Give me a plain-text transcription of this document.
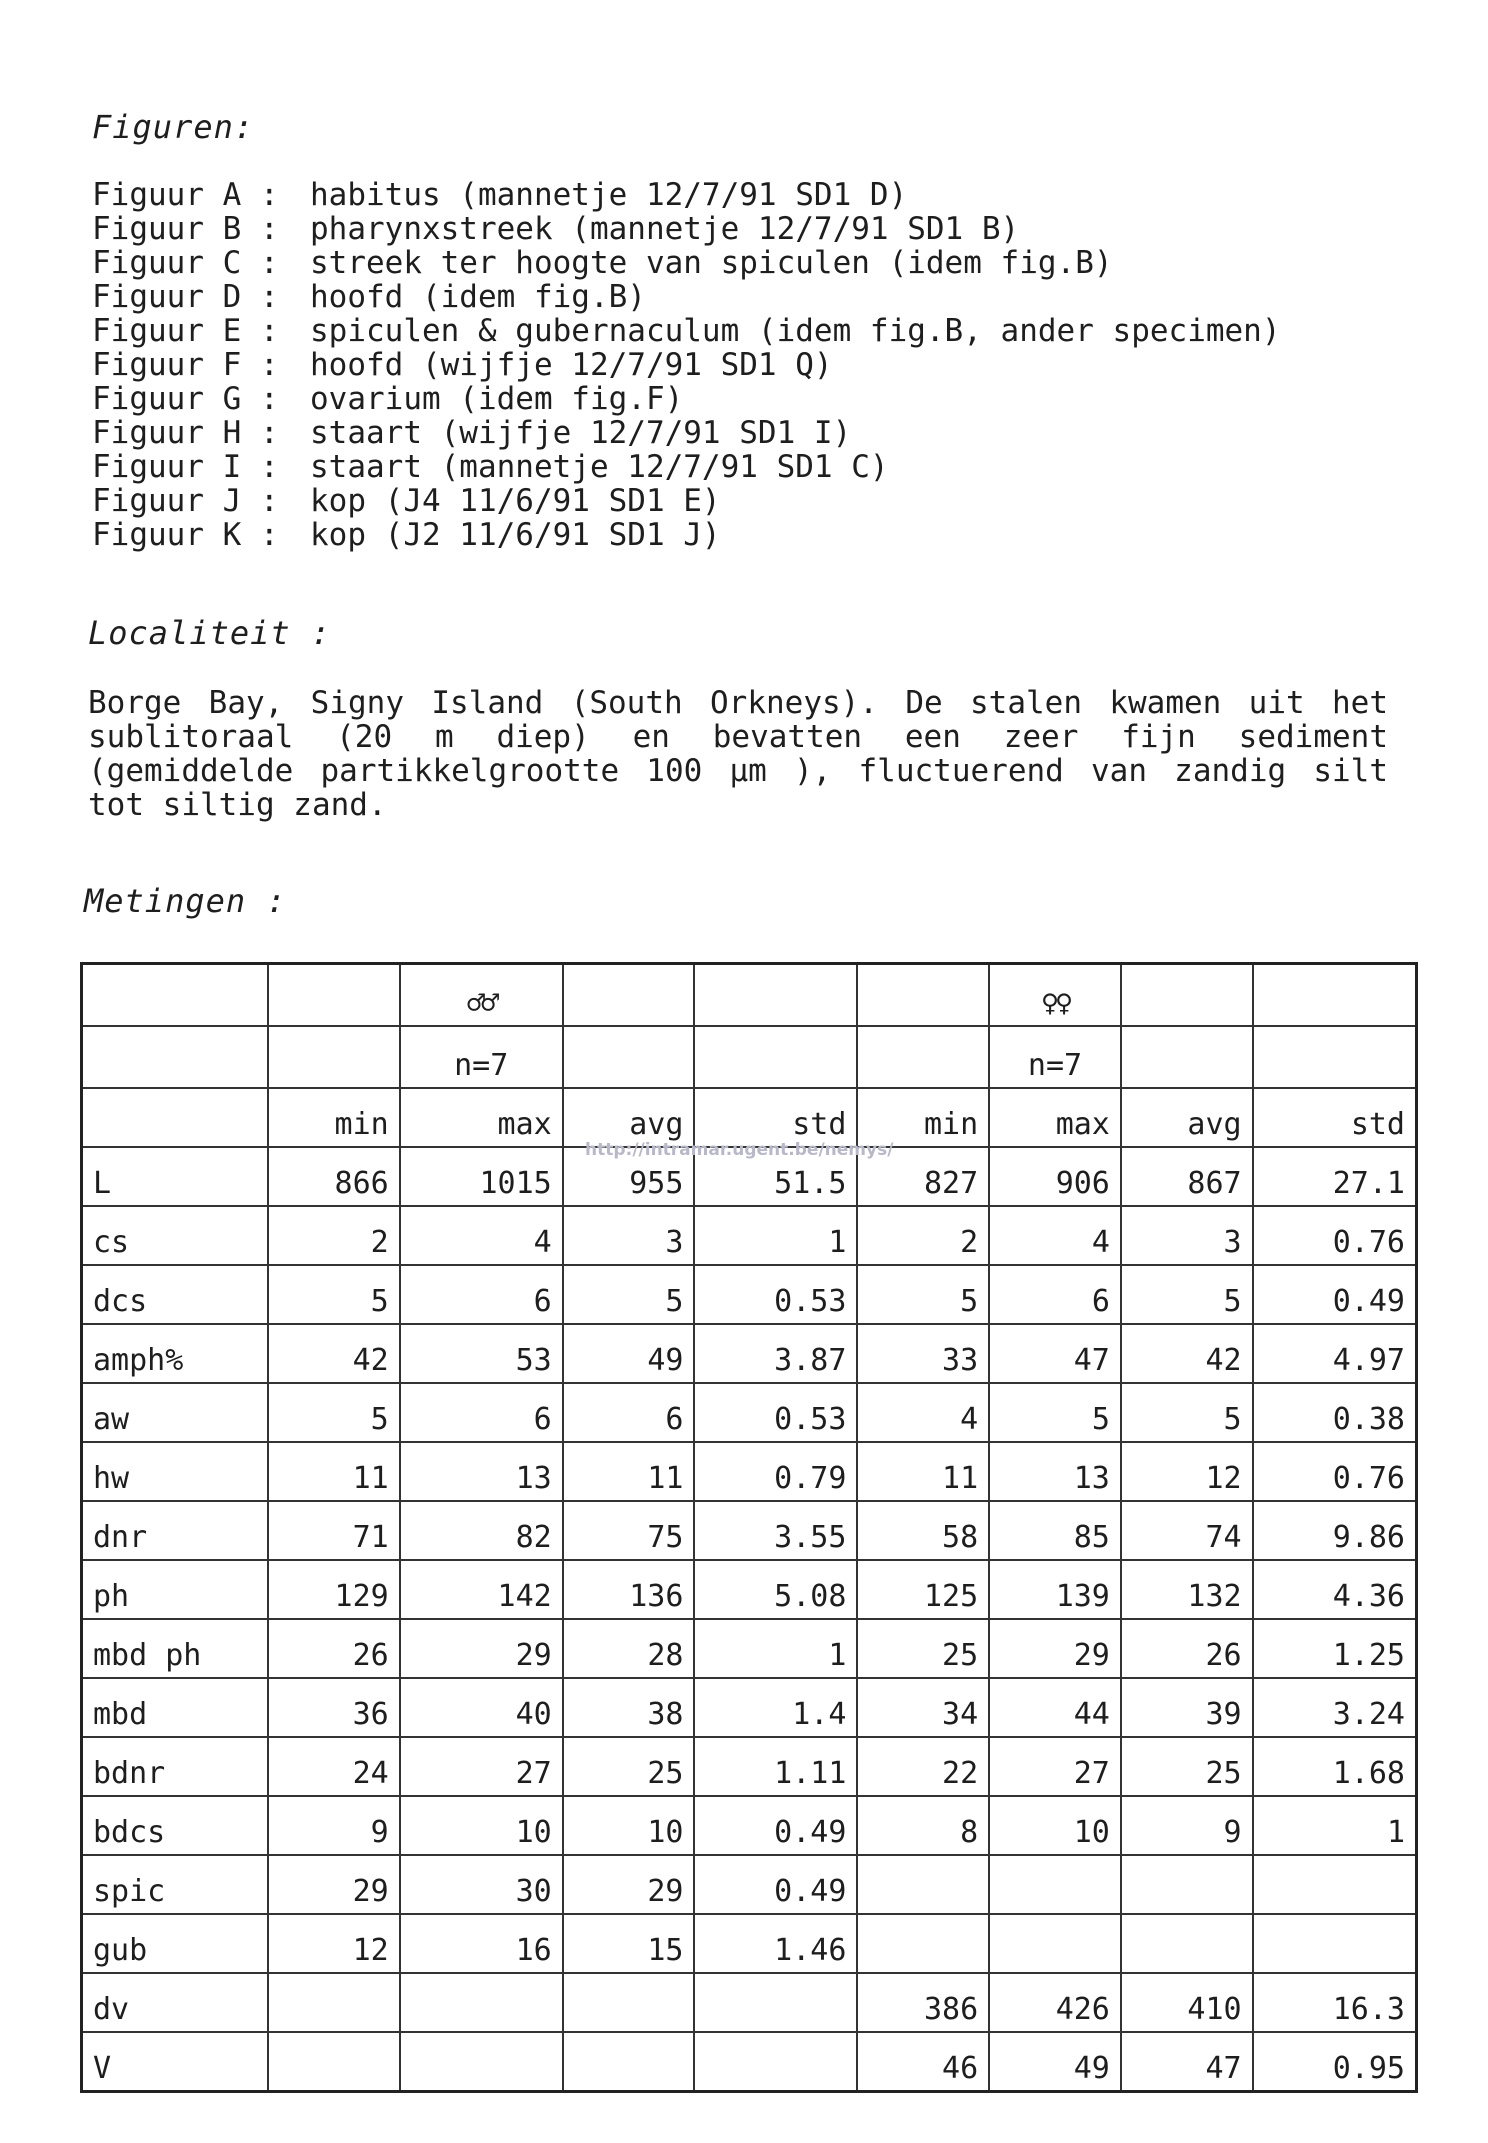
Figuren:
Figuur A : habitus (mannetje 12/7/91 SD1 D)
Figuur B : pharynxstreek (mannetje 12/7/91 SD1 B)
Figuur C : streek ter hoogte van spiculen (idem fig.B)
Figuur D : hoofd (idem fig.B)
Figuur E : spiculen & gubernaculum (idem fig.B, ander specimen)
Figuur F : hoofd (wijfje 12/7/91 SD1 Q)
Figuur G : ovarium (idem fig.F)
Figuur H : staart (wijfje 12/7/91 SD1 I)
Figuur I : staart (mannetje 12/7/91 SD1 C)
Figuur J : kop (J4 11/6/91 SD1 E)
Figuur K : kop (J2 11/6/91 SD1 J)
Localiteit :
Borge Bay, Signy Island (South Orkneys). De stalen kwamen uit het sublitoraal (20 m diep) en bevatten een zeer fijn sediment (gemiddelde partikkelgrootte 100 µm ), fluctuerend van zandig silt tot siltig zand.
Metingen :
		♂♂				♀♀		
		n=7				n=7		
	min	max	avg	std	min	max	avg	std
L	866	1015	955	51.5	827	906	867	27.1
cs	2	4	3	1	2	4	3	0.76
dcs	5	6	5	0.53	5	6	5	0.49
amph%	42	53	49	3.87	33	47	42	4.97
aw	5	6	6	0.53	4	5	5	0.38
hw	11	13	11	0.79	11	13	12	0.76
dnr	71	82	75	3.55	58	85	74	9.86
ph	129	142	136	5.08	125	139	132	4.36
mbd ph	26	29	28	1	25	29	26	1.25
mbd	36	40	38	1.4	34	44	39	3.24
bdnr	24	27	25	1.11	22	27	25	1.68
bdcs	9	10	10	0.49	8	10	9	1
spic	29	30	29	0.49				
gub	12	16	15	1.46				
dv					386	426	410	16.3
V					46	49	47	0.95
http://intramar.ugent.be/nemys/
